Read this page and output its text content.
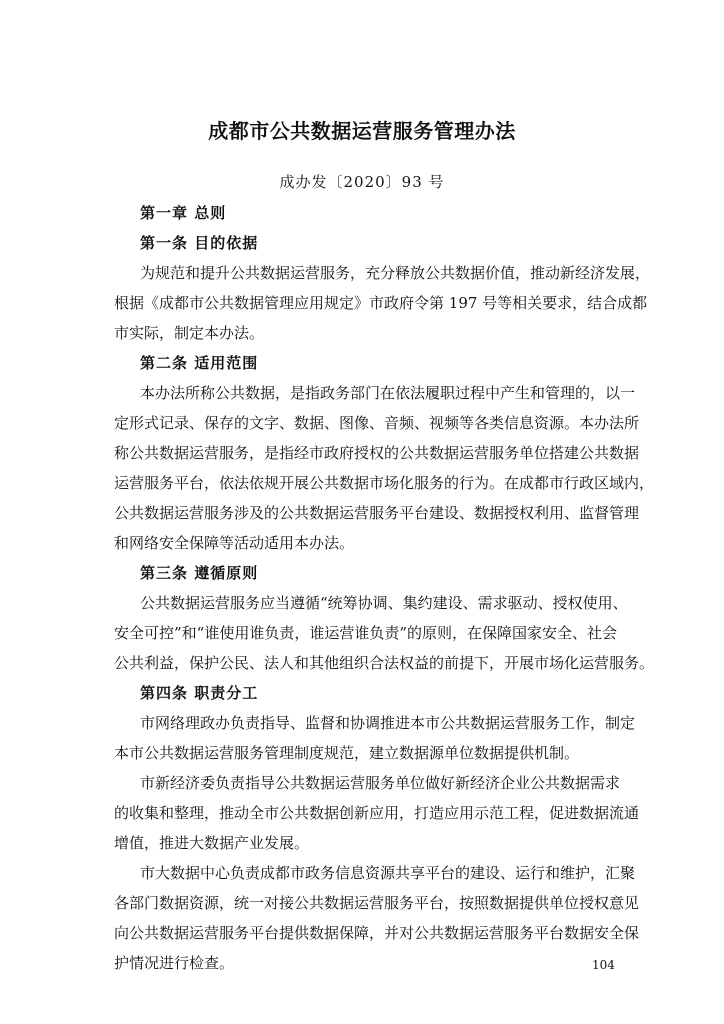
成都市公共数据运营服务管理办法
成办发〔2020〕93 号
第一章 总则
第一条 目的依据

为规范和提升公共数据运营服务，充分释放公共数据价值，推动新经济发展，
根据《成都市公共数据管理应用规定》市政府令第 197 号等相关要求，结合成都
市实际，制定本办法。

第二条 适用范围

本办法所称公共数据，是指政务部门在依法履职过程中产生和管理的，以一
定形式记录、保存的文字、数据、图像、音频、视频等各类信息资源。本办法所
称公共数据运营服务，是指经市政府授权的公共数据运营服务单位搭建公共数据
运营服务平台，依法依规开展公共数据市场化服务的行为。在成都市行政区域内，
公共数据运营服务涉及的公共数据运营服务平台建设、数据授权利用、监督管理
和网络安全保障等活动适用本办法。

第三条 遵循原则

公共数据运营服务应当遵循“统筹协调、集约建设、需求驱动、授权使用、
安全可控”和“谁使用谁负责，谁运营谁负责”的原则，在保障国家安全、社会
公共利益，保护公民、法人和其他组织合法权益的前提下，开展市场化运营服务。

第四条 职责分工

市网络理政办负责指导、监督和协调推进本市公共数据运营服务工作，制定
本市公共数据运营服务管理制度规范，建立数据源单位数据提供机制。

市新经济委负责指导公共数据运营服务单位做好新经济企业公共数据需求
的收集和整理，推动全市公共数据创新应用，打造应用示范工程，促进数据流通
增值，推进大数据产业发展。

市大数据中心负责成都市政务信息资源共享平台的建设、运行和维护，汇聚
各部门数据资源，统一对接公共数据运营服务平台，按照数据提供单位授权意见
向公共数据运营服务平台提供数据保障，并对公共数据运营服务平台数据安全保
护情况进行检查。	104
